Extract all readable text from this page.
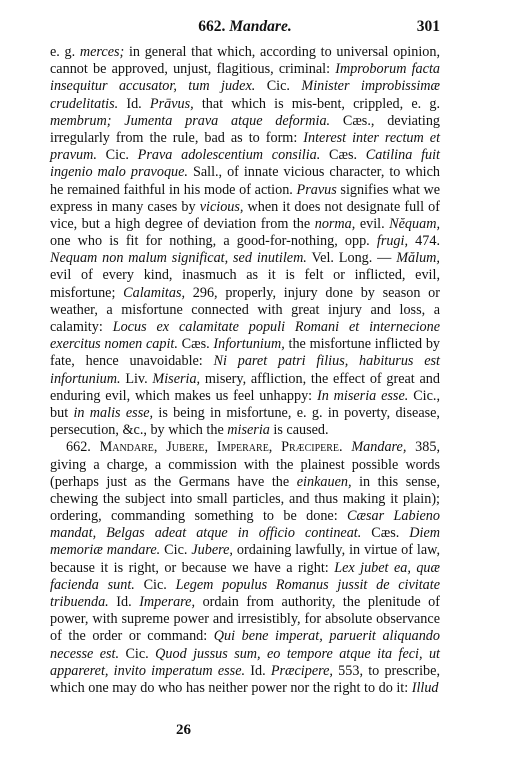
662. Mandare.	301

e. g. merces; in general that which, according to universal opinion, cannot be approved, unjust, flagitious, criminal: Improborum facta insequitur accusator, tum judex. Cic. Minister improbissimæ crudelitatis. Id. Prāvus, that which is mis-bent, crippled, e. g. membrum; Jumenta prava atque deformia. Cæs., deviating irregularly from the rule, bad as to form: Interest inter rectum et pravum. Cic. Prava adolescentium consilia. Cæs. Catilina fuit ingenio malo pravoque. Sall., of innate vicious character, to which he remained faithful in his mode of action. Pravus signifies what we express in many cases by vicious, when it does not designate full of vice, but a high degree of deviation from the norma, evil. Nĕquam, one who is fit for nothing, a good-for-nothing, opp. frugi, 474. Nequam non malum significat, sed inutilem. Vel. Long. — Mălum, evil of every kind, inasmuch as it is felt or inflicted, evil, misfortune; Calamitas, 296, properly, injury done by season or weather, a misfortune connected with great injury and loss, a calamity: Locus ex calamitate populi Romani et internecione exercitus nomen capit. Cæs. Infortunium, the misfortune inflicted by fate, hence unavoidable: Ni paret patri filius, habiturus est infortunium. Liv. Miseria, misery, affliction, the effect of great and enduring evil, which makes us feel unhappy: In miseria esse. Cic., but in malis esse, is being in misfortune, e. g. in poverty, disease, persecution, &c., by which the miseria is caused.

662. Mandare, Jubere, Imperare, Præcipere. Mandare, 385, giving a charge, a commission with the plainest possible words (perhaps just as the Germans have the einkauen, in this sense, chewing the subject into small particles, and thus making it plain); ordering, commanding something to be done: Cæsar Labieno mandat, Belgas adeat atque in officio contineat. Cæs. Diem memoriæ mandare. Cic. Jubere, ordaining lawfully, in virtue of law, because it is right, or because we have a right: Lex jubet ea, quæ facienda sunt. Cic. Legem populus Romanus jussit de civitate tribuenda. Id. Imperare, ordain from authority, the plenitude of power, with supreme power and irresistibly, for absolute observance of the order or command: Qui bene imperat, paruerit aliquando necesse est. Cic. Quod jussus sum, eo tempore atque ita feci, ut appareret, invito imperatum esse. Id. Præcipere, 553, to prescribe, which one may do who has neither power nor the right to do it: Illud

26
